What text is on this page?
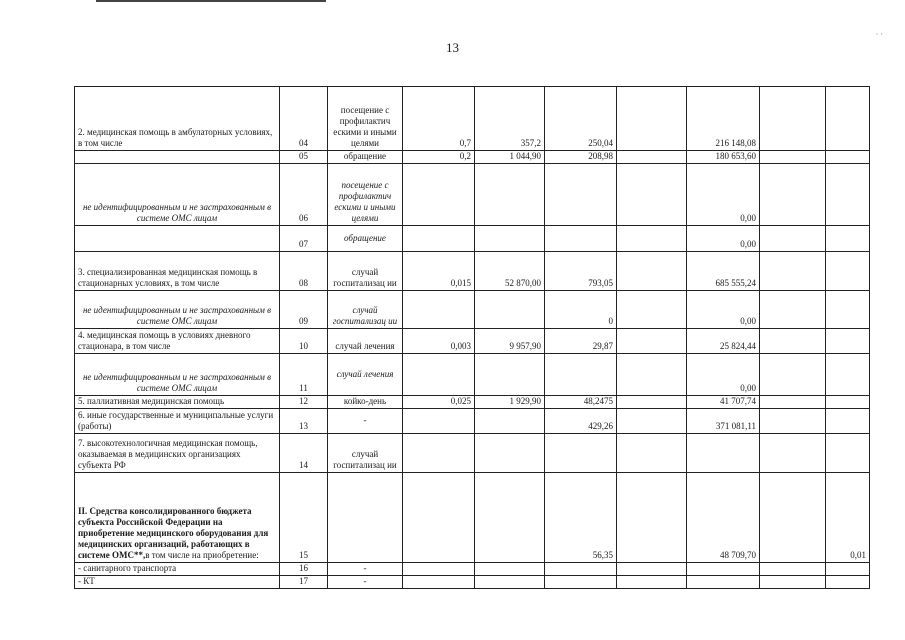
13
· ·
2. медицинская помощь в амбулаторных условиях, в том числе	04	посещение с профилактич ескими и иными целями	0,7	357,2	250,04		216 148,08		
	05	обращение	0,2	1 044,90	208,98		180 653,60		
не идентифицированным и не застрахованным в системе ОМС лицам	06	посещение с профилактич ескими и иными целями					0,00		
	07	обращение					0,00		
3. специализированная медицинская помощь в стационарных условиях, в том числе	08	случай госпитализац ии	0,015	52 870,00	793,05		685 555,24		
не идентифицированным и не застрахованным в системе ОМС лицам	09	случай госпитализац ии			0		0,00		
4. медицинская помощь в условиях дневного стационара, в том числе	10	случай лечения	0,003	9 957,90	29,87		25 824,44		
не идентифицированным и не застрахованным в системе ОМС лицам	11	случай лечения					0,00		
5. паллиативная медицинская помощь	12	койко-день	0,025	1 929,90	48,2475		41 707,74		
6. иные государственные и муниципальные услуги (работы)	13	-			429,26		371 081,11		
7. высокотехнологичная медицинская помощь, оказываемая в медицинских организациях субъекта РФ	14	случай госпитализац ии							
II. Средства консолидированного бюджета субъекта Российской Федерации на приобретение медицинского оборудования для медицинских организаций, работающих в системе ОМС**,в том числе на приобретение:	15				56,35		48 709,70		0,01
- санитарного транспорта	16	-							
- КТ	17	-							
